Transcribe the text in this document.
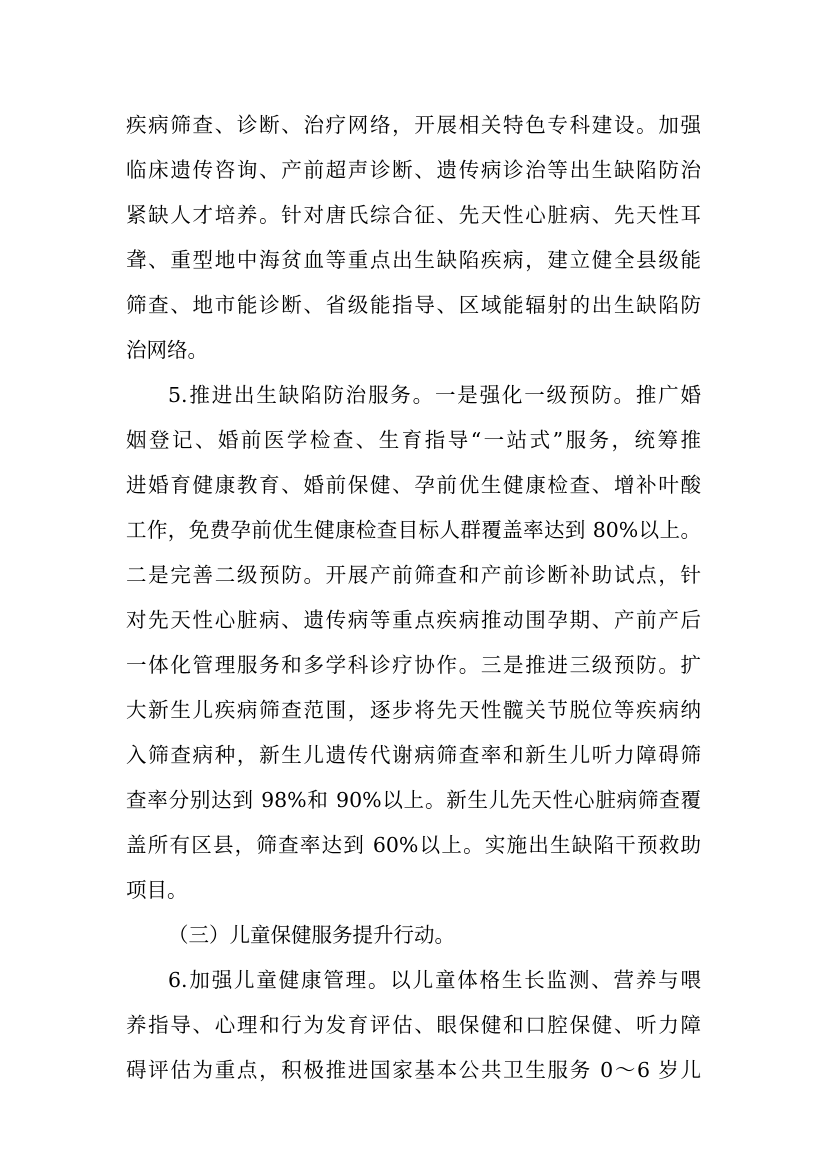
疾病筛查、诊断、治疗网络，开展相关特色专科建设。加强
临床遗传咨询、产前超声诊断、遗传病诊治等出生缺陷防治
紧缺人才培养。针对唐氏综合征、先天性心脏病、先天性耳
聋、重型地中海贫血等重点出生缺陷疾病，建立健全县级能
筛查、地市能诊断、省级能指导、区域能辐射的出生缺陷防
治网络。
5.推进出生缺陷防治服务。一是强化一级预防。推广婚
姻登记、婚前医学检查、生育指导“一站式”服务，统筹推
进婚育健康教育、婚前保健、孕前优生健康检查、增补叶酸
工作，免费孕前优生健康检查目标人群覆盖率达到 80%以上。
二是完善二级预防。开展产前筛查和产前诊断补助试点，针
对先天性心脏病、遗传病等重点疾病推动围孕期、产前产后
一体化管理服务和多学科诊疗协作。三是推进三级预防。扩
大新生儿疾病筛查范围，逐步将先天性髋关节脱位等疾病纳
入筛查病种，新生儿遗传代谢病筛查率和新生儿听力障碍筛
查率分别达到 98%和 90%以上。新生儿先天性心脏病筛查覆
盖所有区县，筛查率达到 60%以上。实施出生缺陷干预救助
项目。
（三）儿童保健服务提升行动。
6.加强儿童健康管理。以儿童体格生长监测、营养与喂
养指导、心理和行为发育评估、眼保健和口腔保健、听力障
碍评估为重点，积极推进国家基本公共卫生服务 0～6 岁儿
